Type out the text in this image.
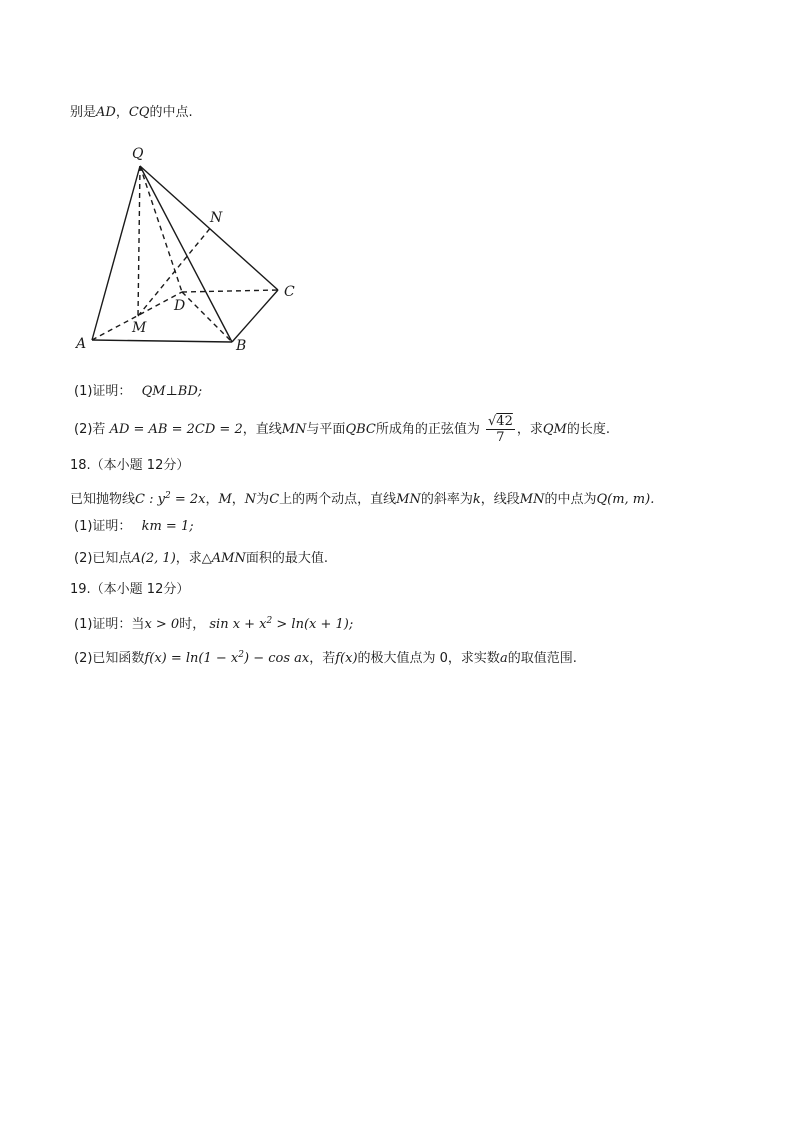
别是AD，CQ的中点.
Q
N
C
D
M
A	B
(1)证明： QM⊥BD;
(2)若 AD = AB = 2CD = 2，直线MN与平面QBC所成角的正弦值为 $\frac{√42}{7}$ ，求QM的长度.
18.（本小题 12分）
已知抛物线C : $y^2 = 2x$，M，N为C上的两个动点，直线MN的斜率为k，线段MN的中点为Q(m, m).
(1)证明： km = 1;
(2)已知点A(2, 1)，求△AMN面积的最大值.
19.（本小题 12分）
(1)证明：当x > 0时， $\sin x + x^2 > \ln(x + 1)$;
(2)已知函数$f(x) = \ln(1 - x^2) - \cos$ ax，若f(x)的极大值点为 0，求实数a的取值范围.
